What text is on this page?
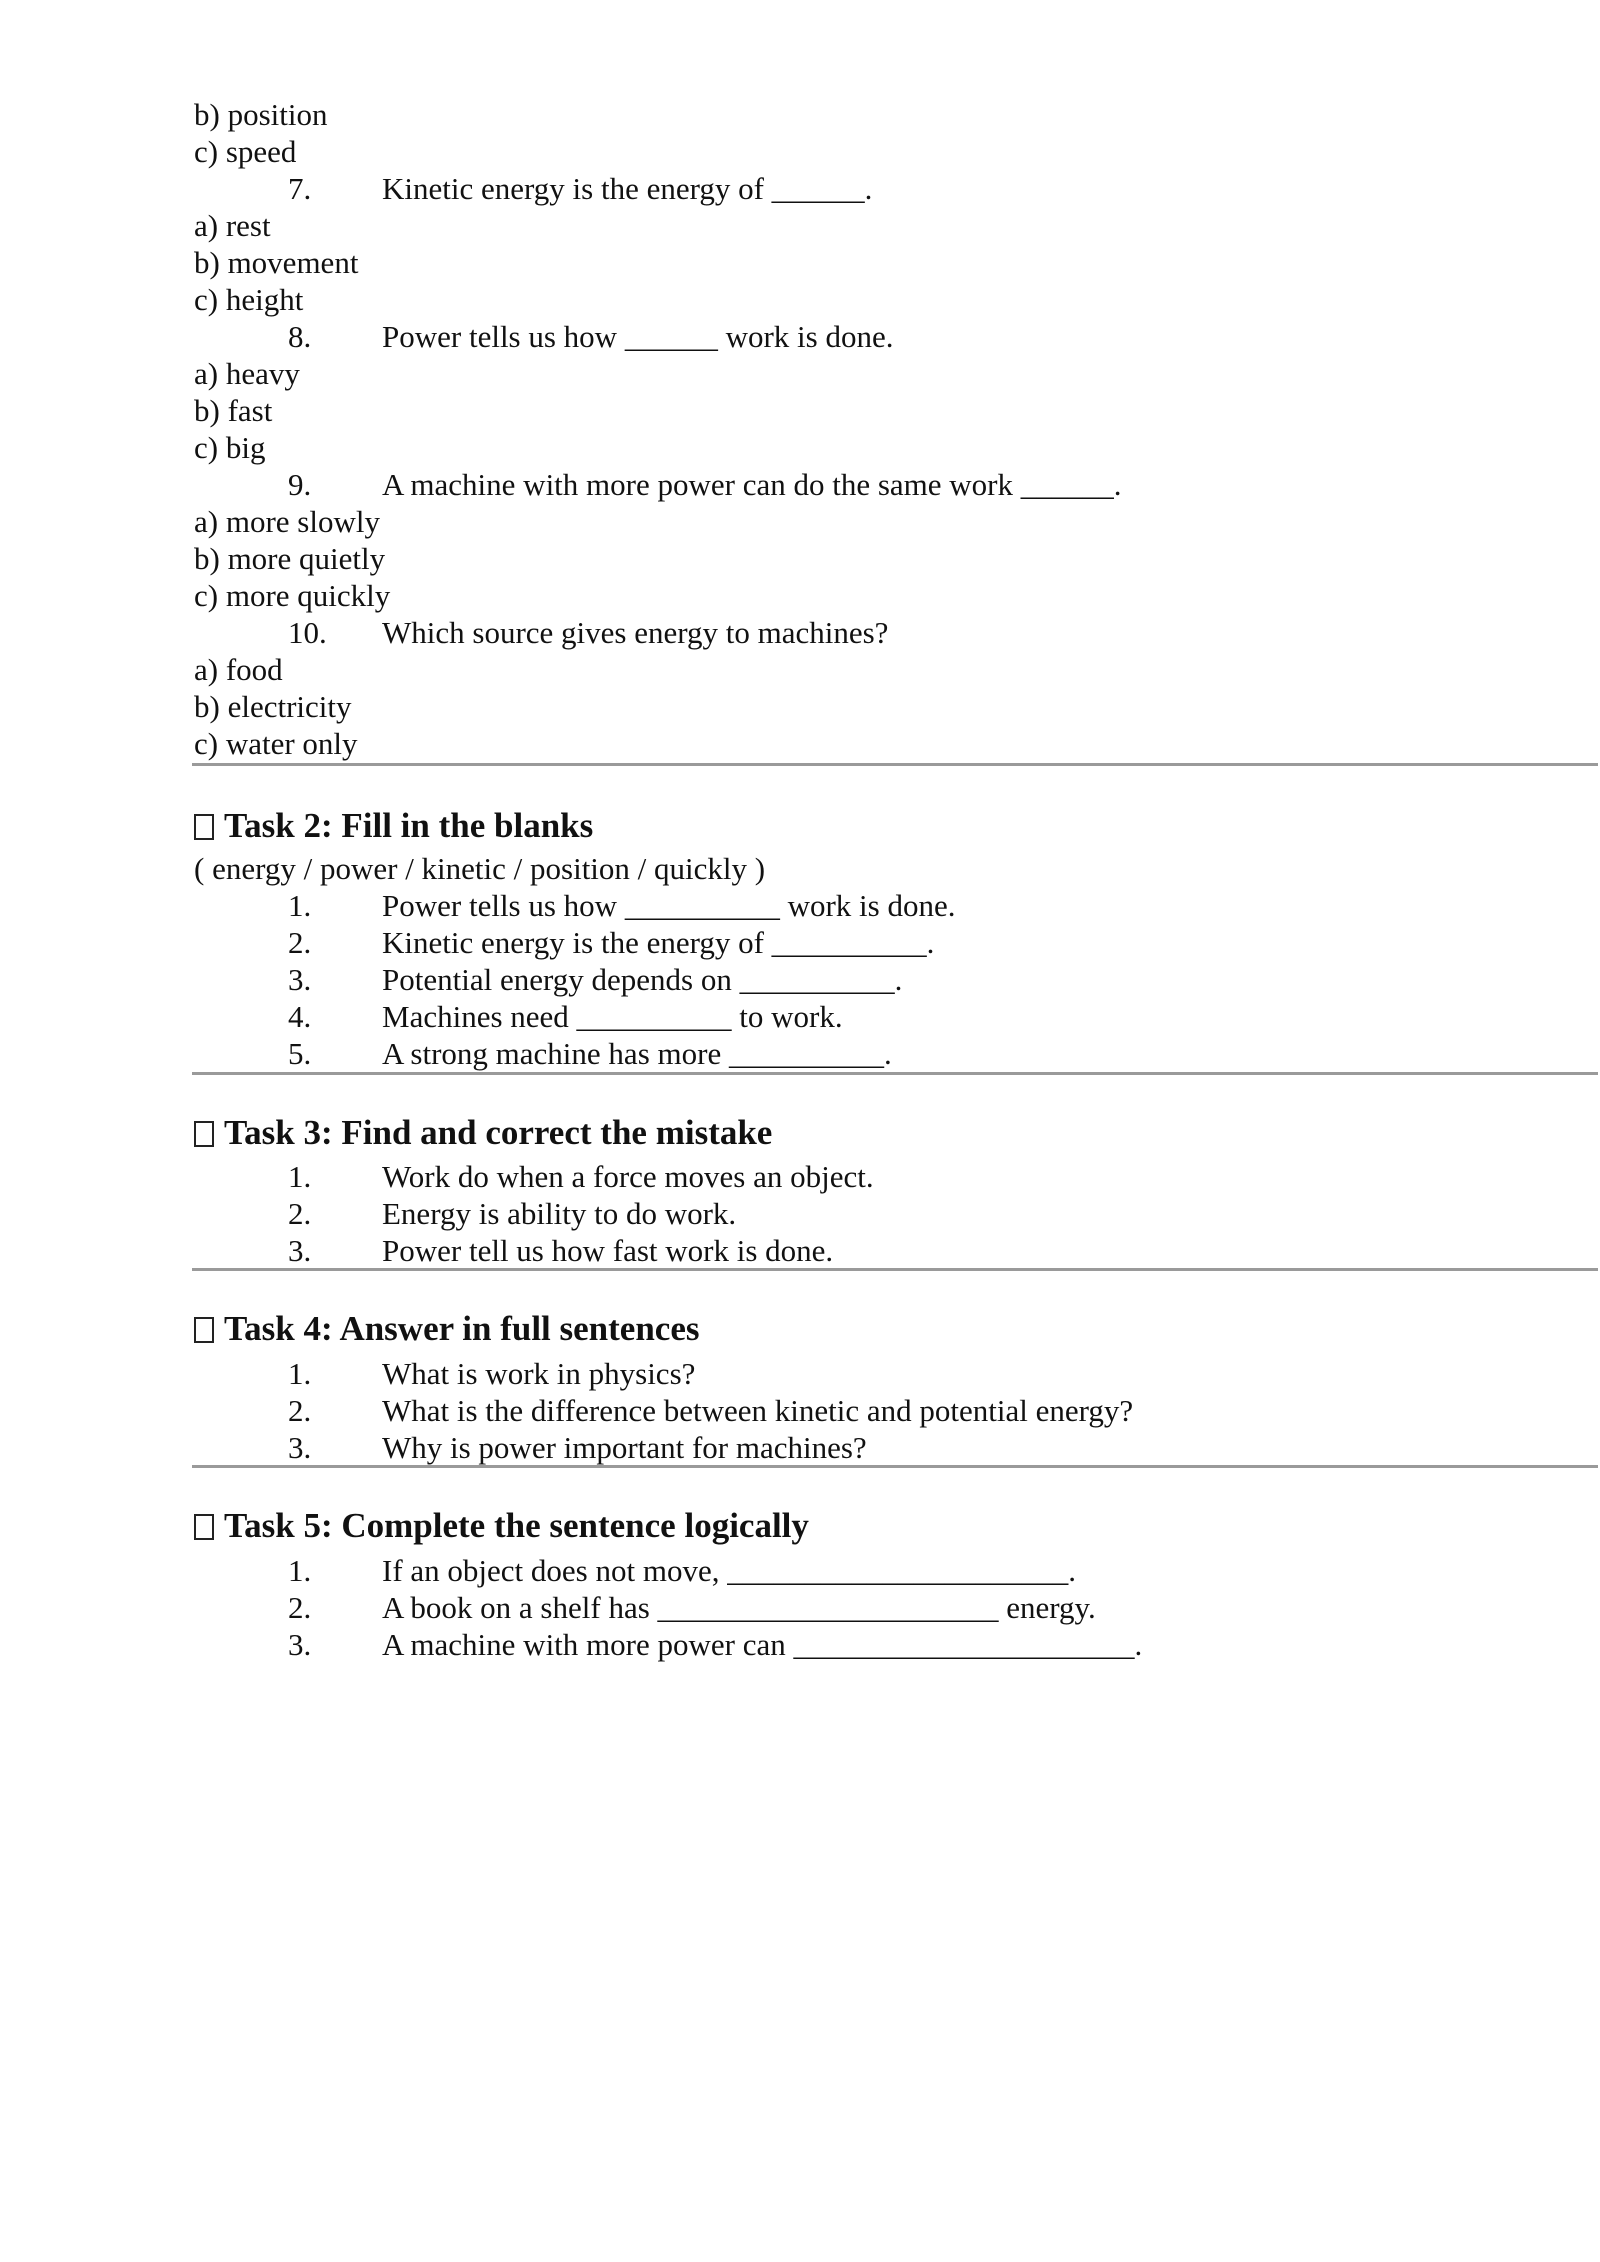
b) position
c) speed
7. Kinetic energy is the energy of ______.
a) rest
b) movement
c) height
8. Power tells us how ______ work is done.
a) heavy
b) fast
c) big
9. A machine with more power can do the same work ______.
a) more slowly
b) more quietly
c) more quickly
10. Which source gives energy to machines?
a) food
b) electricity
c) water only
Task 2: Fill in the blanks
( energy / power / kinetic / position / quickly )
1. Power tells us how __________ work is done.
2. Kinetic energy is the energy of __________.
3. Potential energy depends on __________.
4. Machines need __________ to work.
5. A strong machine has more __________.
Task 3: Find and correct the mistake
1. Work do when a force moves an object.
2. Energy is ability to do work.
3. Power tell us how fast work is done.
Task 4: Answer in full sentences
1. What is work in physics?
2. What is the difference between kinetic and potential energy?
3. Why is power important for machines?
Task 5: Complete the sentence logically
1. If an object does not move, ______________________.
2. A book on a shelf has ______________________ energy.
3. A machine with more power can ______________________.
